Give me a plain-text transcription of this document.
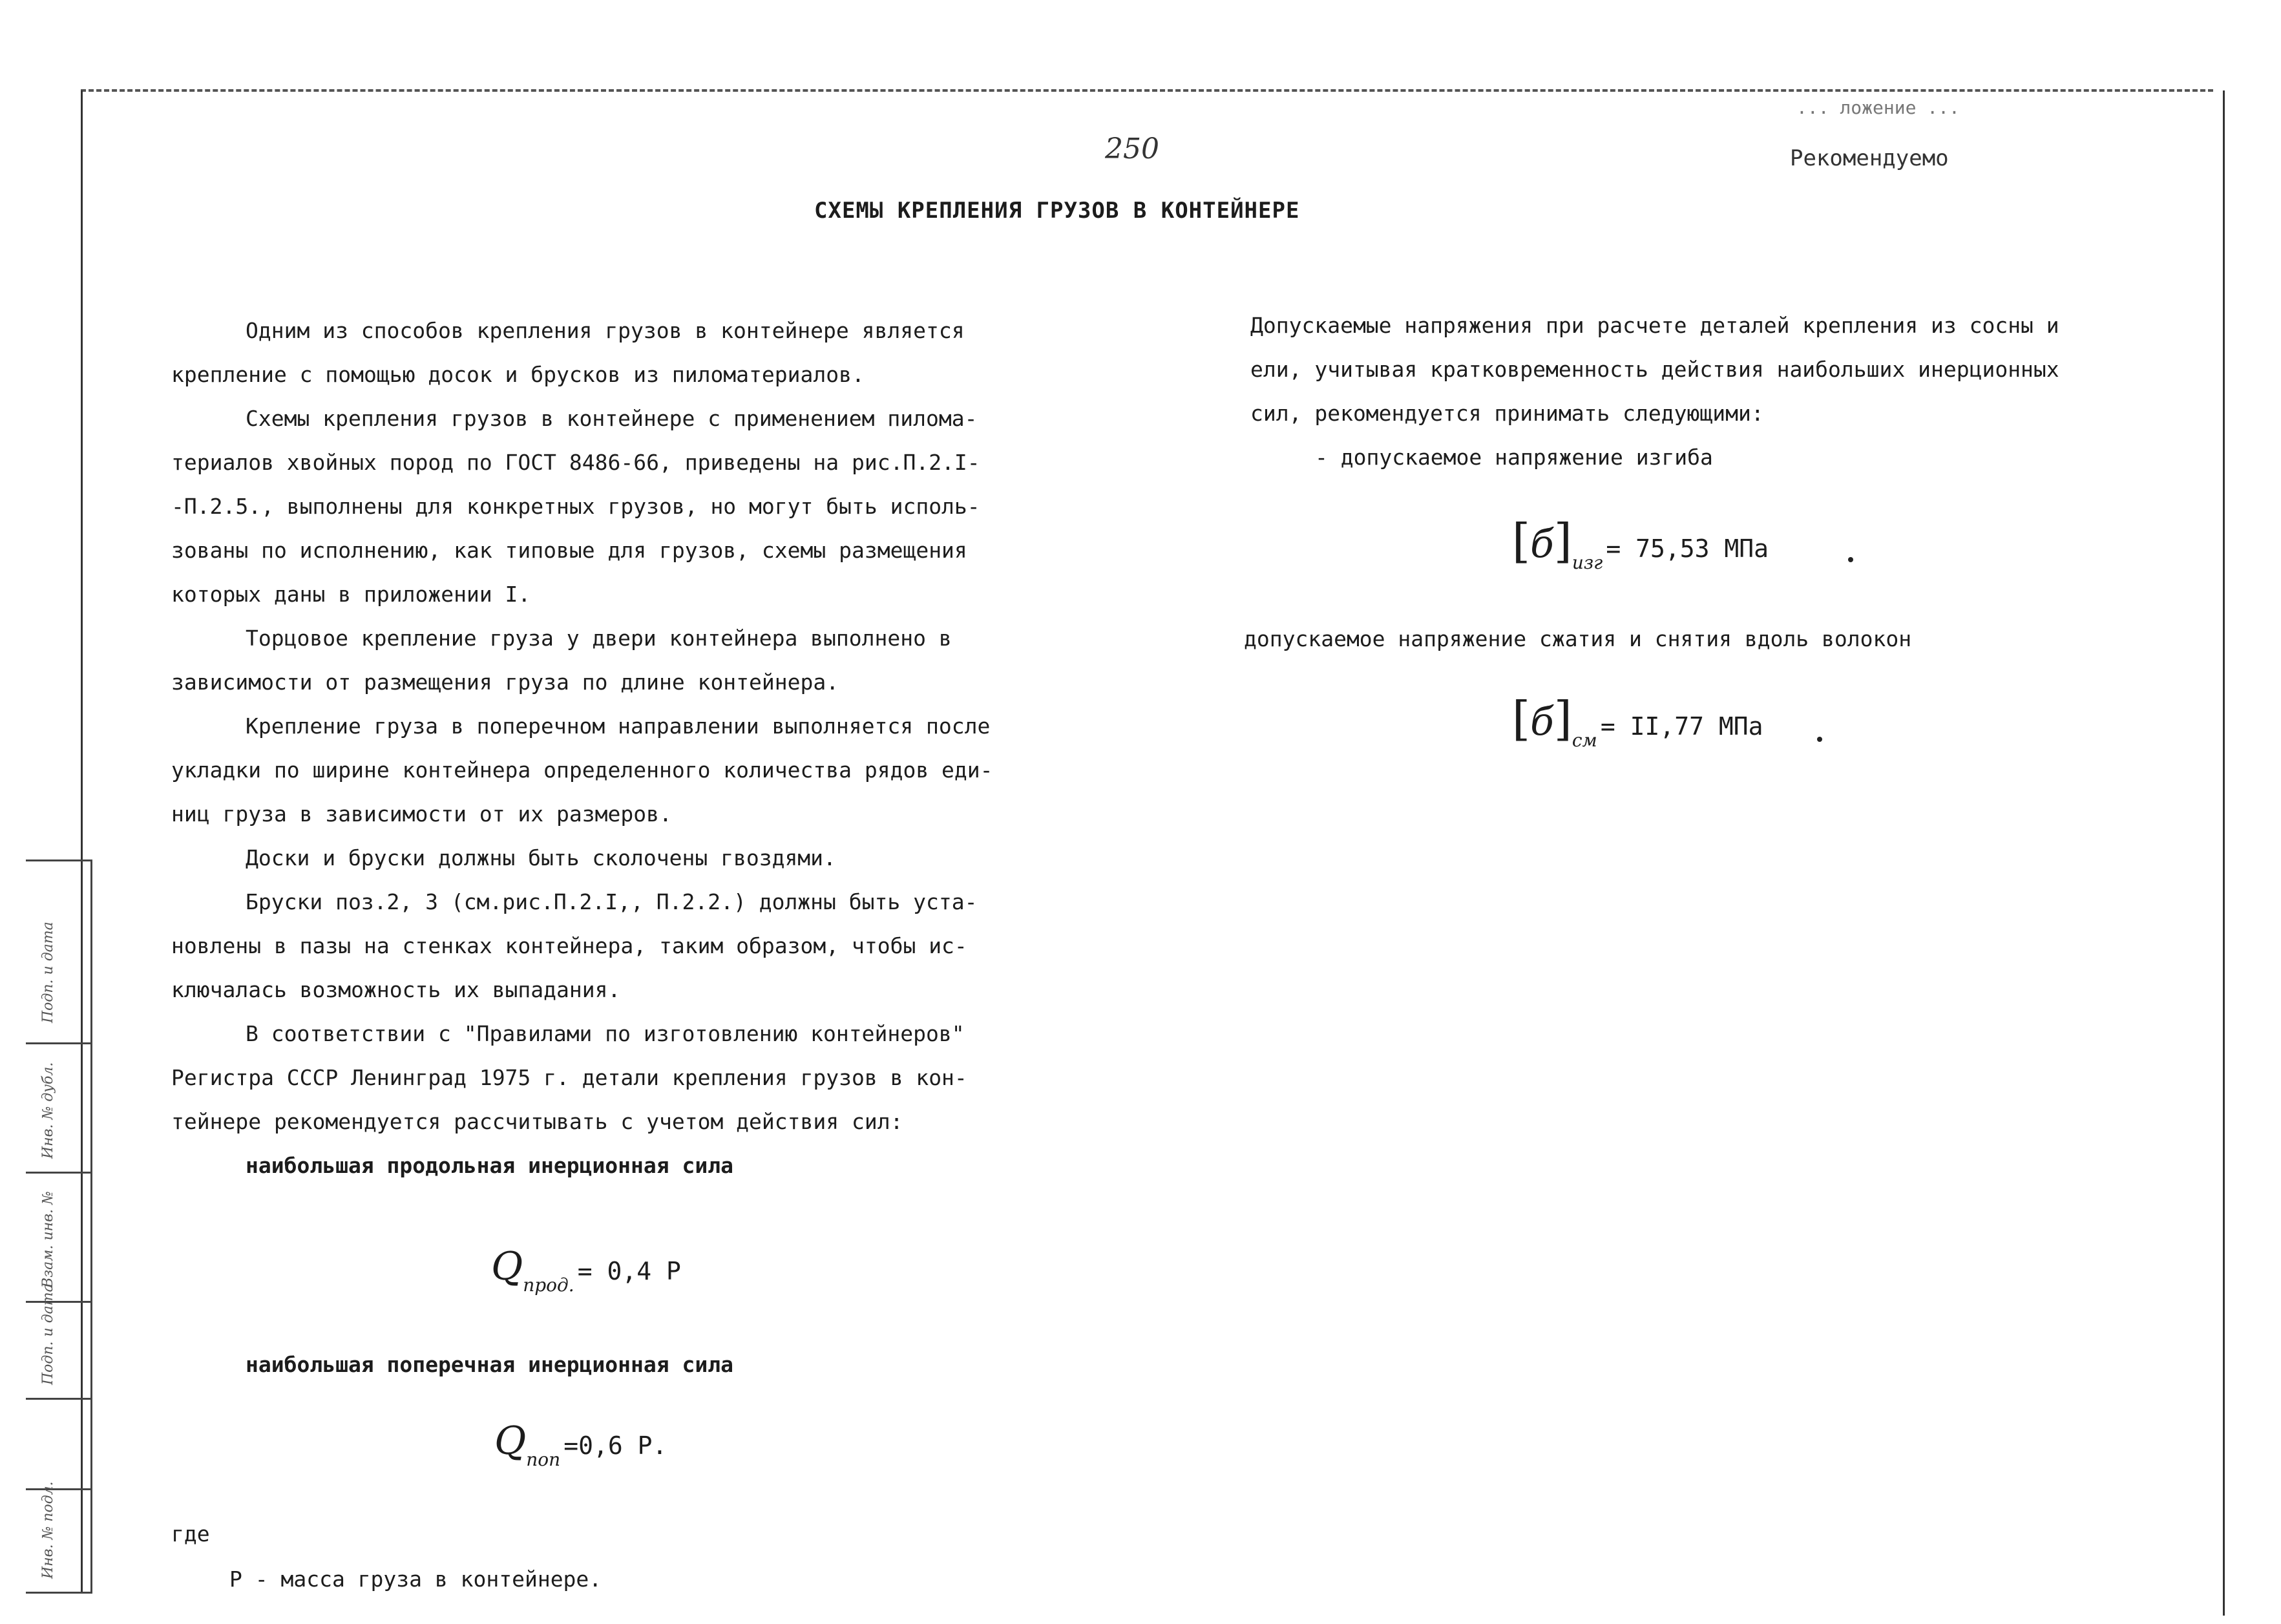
Подп. и дата
Инв. № дубл.
Взам. инв. №
Подп. и дата
Инв. № подл.
... ложение ...
250	Рекомендуемо
СХЕМЫ КРЕПЛЕНИЯ ГРУЗОВ В КОНТЕЙНЕРЕ
Одним из способов крепления грузов в контейнере является
крепление с помощью досок и брусков из пиломатериалов.
Схемы крепления грузов в контейнере с применением пилома-
териалов хвойных пород по ГОСТ 8486-66, приведены на рис.П.2.I-
-П.2.5., выполнены для конкретных грузов, но могут быть исполь-
зованы по исполнению, как типовые для грузов, схемы размещения
которых даны в приложении I.
Торцовое крепление груза у двери контейнера выполнено в
зависимости от размещения груза по длине контейнера.
Крепление груза в поперечном направлении выполняется после
укладки по ширине контейнера определенного количества рядов еди-
ниц груза в зависимости от их размеров.
Доски и бруски должны быть сколочены гвоздями.
Бруски поз.2, 3 (см.рис.П.2.I,, П.2.2.) должны быть уста-
новлены в пазы на стенках контейнера, таким образом, чтобы ис-
ключалась возможность их выпадания.
В соответствии с "Правилами по изготовлению контейнеров"
Регистра СССР Ленинград 1975 г. детали крепления грузов в кон-
тейнере рекомендуется рассчитывать с учетом действия сил:
наибольшая продольная инерционная сила
Qпрод. = 0,4 Р
наибольшая поперечная инерционная сила
Qпоп =0,6 Р.
где
Р - масса груза в контейнере.
Допускаемые напряжения при расчете деталей крепления из сосны и
ели, учитывая кратковременность действия наибольших инерционных
сил, рекомендуется принимать следующими:
- допускаемое напряжение изгиба
[б]изг = 75,53 МПа
допускаемое напряжение сжатия и снятия вдоль волокон
[б]см = II,77 МПа
